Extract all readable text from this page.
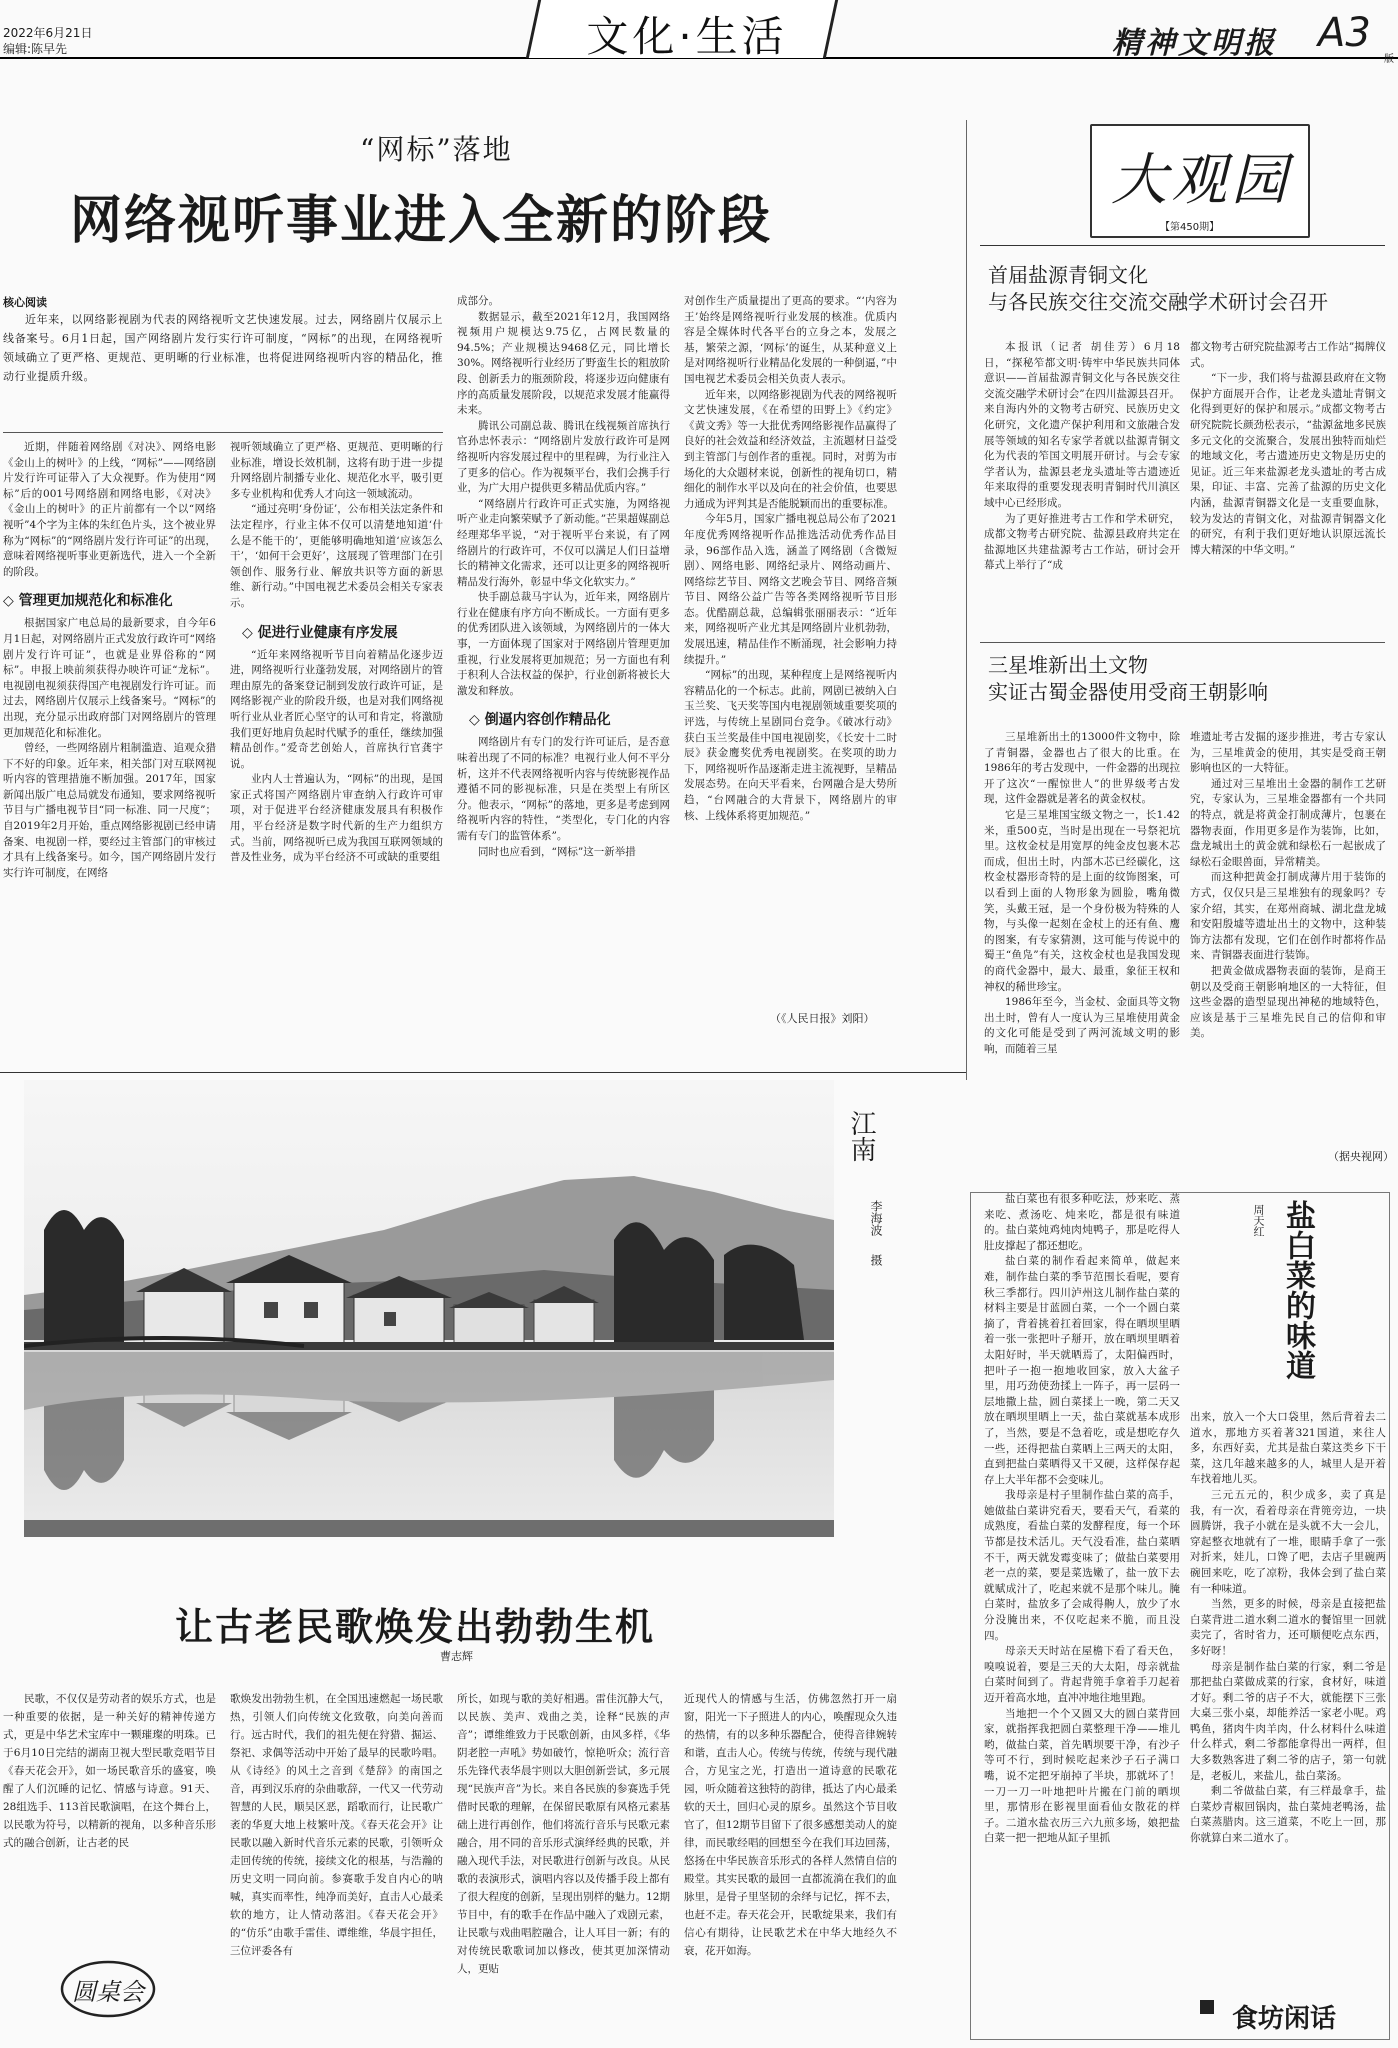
2022年6月21日
编辑:陈早先	文化·生活	精神文明报 A3
版
“网标”落地
网络视听事业进入全新的阶段
核心阅读
近年来，以网络影视剧为代表的网络视听文艺快速发展。过去，网络剧片仅展示上线备案号。6月1日起，国产网络剧片发行实行许可制度，“网标”的出现，在网络视听领域确立了更严格、更规范、更明晰的行业标准，也将促进网络视听内容的精品化，推动行业提质升级。
近期，伴随着网络剧《对决》、网络电影《金山上的树叶》的上线，“网标”——网络剧片发行许可证带入了大众视野。作为使用“网标”后的001号网络剧和网络电影，《对决》《金山上的树叶》的正片前都有一个以“网络视听”4个字为主体的朱红色片头，这个被业界称为“网标”的“网络剧片发行许可证”的出现，意味着网络视听事业更新选代，进入一个全新的阶段。
◇ 管理更加规范化和标准化
根据国家广电总局的最新要求，自今年6月1日起，对网络剧片正式发放行政许可“网络剧片发行许可证”，也就是业界俗称的“网标”。申报上映前须获得办映许可证“龙标”。电视剧电视须获得国产电视剧发行许可证。而过去，网络剧片仅展示上线备案号。“网标”的出现，充分显示出政府部门对网络剧片的管理更加规范化和标准化。
曾经，一些网络剧片粗制滥造、追观众猎下不好的印象。近年来，相关部门对互联网视听内容的管理措施不断加强。2017年，国家新闻出版广电总局就发布通知，要求网络视听节目与广播电视节目“同一标准、同一尺度”；自2019年2月开始，重点网络影视剧已经申请备案、电视剧一样，要经过主管部门的审核过才具有上线备案号。如今，国产网络剧片发行实行许可制度，在网络
视听领域确立了更严格、更规范、更明晰的行业标准，增设长效机制，这将有助于进一步提升网络剧片制播专业化、规范化水平，吸引更多专业机构和优秀人才向这一领域流动。
“通过亮明‘身份证’，公布相关法定条件和法定程序，行业主体不仅可以清楚地知道‘什么是不能干的’，更能够明确地知道‘应该怎么干’，‘如何干会更好’，这展现了管理部门在引领创作、服务行业、解放共识等方面的新思维、新行动。”中国电视艺术委员会相关专家表示。
◇ 促进行业健康有序发展
“近年来网络视听节目向着精品化逐步迈进，网络视听行业蓬勃发展，对网络剧片的管理由原先的备案登记制到发放行政许可证，是网络影视产业的阶段升级，也是对我们网络视听行业从业者匠心坚守的认可和肯定，将激励我们更好地肩负起时代赋予的重任，继续加强精品创作。”爱奇艺创始人，首席执行官龚宇说。
业内人士普遍认为，“网标”的出现，是国家正式将国产网络剧片审查纳入行政许可审项，对于促进平台经济健康发展具有积极作用，平台经济是数字时代新的生产力组织方式。当前，网络视听已成为我国互联网领域的普及性业务，成为平台经济不可或缺的重要组
成部分。
数据显示，截至2021年12月，我国网络视频用户规模达9.75亿，占网民数量的94.5%；产业规模达9468亿元，同比增长30%。网络视听行业经历了野蛮生长的粗放阶段、创新丢力的瓶颈阶段，将逐步迈向健康有序的高质量发展阶段，以规范求发展才能赢得未来。
腾讯公司副总裁、腾讯在线视频首席执行官孙忠怀表示：“网络剧片发放行政许可是网络视听内容发展过程中的里程碑，为行业注入了更多的信心。作为视频平台，我们会携手行业，为广大用户提供更多精品优质内容。”
“网络剧片行政许可正式实施，为网络视听产业走向繁荣赋予了新动能。”芒果超媒副总经理郑华平说，“对于视听平台来说，有了网络剧片的行政许可，不仅可以满足人们日益增长的精神文化需求，还可以让更多的网络视听精品发行海外，彰显中华文化软实力。”
快手副总裁马宇认为，近年来，网络剧片行业在健康有序方向不断成长。一方面有更多的优秀团队进入该领域，为网络剧片的一体大事，一方面体现了国家对于网络剧片管理更加重视，行业发展将更加规范；另一方面也有利于积利人合法权益的保护，行业创新将被长大激发和释放。
◇ 倒逼内容创作精品化
网络剧片有专门的发行许可证后，是否意味着出现了不同的标准？电视行业人何不平分析，这并不代表网络视听内容与传统影视作品遵循不同的影视标准，只是在类型上有所区分。他表示，“网标”的落地，更多是考虑到网络视听内容的特性，“类型化，专门化的内容需有专门的监管体系”。
同时也应看到，“网标”这一新举措
对创作生产质量提出了更高的要求。“‘内容为王’始终是网络视听行业发展的核准。优质内容是全媒体时代各平台的立身之本，发展之基，繁荣之源，‘网标’的诞生，从某种意义上是对网络视听行业精品化发展的一种倒逼，”中国电视艺术委员会相关负责人表示。
近年来，以网络影视剧为代表的网络视听文艺快速发展，《在希望的田野上》《约定》《黄文秀》等一大批优秀网络影视作品赢得了良好的社会效益和经济效益，主流题材日益受到主管部门与创作者的重视。同时，对剪为市场化的大众题材来说，创新性的视角切口，精细化的制作水平以及向在的社会价值，也要思力通成为评判其是否能脱颖而出的重要标准。
今年5月，国家广播电视总局公布了2021年度优秀网络视听作品推选活动优秀作品目录，96部作品入选，涵盖了网络剧（含微短剧）、网络电影、网络纪录片、网络动画片、网络综艺节目、网络文艺晚会节目、网络音频节目、网络公益广告等各类网络视听节目形态。优酷副总裁，总编辑张丽丽表示：“近年来，网络视听产业尤其是网络剧片业机勃勃，发展迅速，精品佳作不断涌现，社会影响力持续提升。”
“网标”的出现，某种程度上是网络视听内容精品化的一个标志。此前，网剧已被纳入白玉兰奖、飞天奖等国内电视剧领域重要奖项的评选，与传统上星剧同台竞争。《破冰行动》获白玉兰奖最佳中国电视剧奖，《长安十二时辰》获金鹰奖优秀电视剧奖。在奖项的助力下，网络视听作品逐渐走进主流视野，呈精品发展态势。在向天平看来，台网融合是大势所趋，“台网融合的大背景下，网络剧片的审核、上线体系将更加规范。”
（《人民日报》刘阳）
大观园
【第450期】
首届盐源青铜文化
与各民族交往交流交融学术研讨会召开
本报讯（记者 胡佳芳）6月18日，“探秘笮都文明·铸牢中华民族共同体意识——首届盐源青铜文化与各民族交往交流交融学术研讨会”在四川盐源县召开。来自海内外的文物考古研究、民族历史文化研究，文化遗产保护利用和文旅融合发展等领域的知名专家学者就以盐源青铜文化为代表的笮国文明展开研讨。与会专家学者认为，盐源县老龙头遗址等古遗迹近年来取得的重要发现表明青铜时代川滇区域中心已经形成。
为了更好推进考古工作和学术研究，成都文物考古研究院、盐源县政府共定在盐源地区共建盐源考古工作站，研讨会开幕式上举行了“成
都文物考古研究院盐源考古工作站”揭牌仪式。
“下一步，我们将与盐源县政府在文物保护方面展开合作，让老龙头遗址青铜文化得到更好的保护和展示。”成都文物考古研究院院长颜劲松表示，“盐源盆地多民族多元文化的交流聚合，发展出独特而灿烂的地域文化，考古遗迹历史文物是历史的见证。近三年来盐源老龙头遗址的考古成果，印证、丰富、完善了盐源的历史文化内涵，盐源青铜器文化是一支重要血脉，较为发达的青铜文化，对盐源青铜器文化的研究，有利于我们更好地认识原远流长博大精深的中华文明。”
三星堆新出土文物
实证古蜀金器使用受商王朝影响
三星堆新出土的13000件文物中，除了青铜器，金器也占了很大的比重。在1986年的考古发现中，一件金器的出现拉开了这次“一醒惊世人”的世界级考古发现，这件金器就是著名的黄金权杖。
它是三星堆国宝级文物之一，长1.42米，重500克，当时是出现在一号祭祀坑里。这枚金杖是用宽厚的纯金皮包裹木芯而成，但出土时，内部木芯已经碳化，这枚金杖器形奇特的是上面的纹饰图案，可以看到上面的人物形象为圆脸，嘴角微笑，头戴王冠，是一个身份极为特殊的人物，与头像一起刻在金杖上的还有鱼、鹰的图案，有专家猜测，这可能与传说中的蜀王“鱼凫”有关，这枚金杖也是我国发现的商代金器中，最大、最重，象征王权和神权的稀世珍宝。
1986年至今，当金杖、金面具等文物出土时，曾有人一度认为三星堆使用黄金的文化可能是受到了两河流域文明的影响，而随着三星
堆遗址考古发掘的逐步推进，考古专家认为，三星堆黄金的使用，其实是受商王朝影响也区的一大特征。
通过对三星堆出土金器的制作工艺研究，专家认为，三星堆金器都有一个共同的特点，就是将黄金打制成薄片，包裹在器物表面，作用更多是作为装饰，比如，盘龙城出土的黄金就和绿松石一起嵌成了绿松石金眼兽面，异常精美。
而这种把黄金打制成薄片用于装饰的方式，仅仅只是三星堆独有的现象吗？专家介绍，其实，在郑州商城、湖北盘龙城和安阳殷墟等遗址出土的文物中，这种装饰方法都有发现，它们在创作时都将作品来、青铜器表面进行装饰。
把黄金做成器物表面的装饰，是商王朝以及受商王朝影响地区的一大特征，但这些金器的造型显现出神秘的地域特色，应该是基于三星堆先民自己的信仰和审美。
（据央视网）
江南
李海波
摄
让古老民歌焕发出勃勃生机
曹志辉
民歌，不仅仅是劳动者的娱乐方式，也是一种重要的依据，是一种关好的精神传递方式，更是中华艺术宝库中一颗璀璨的明珠。已于6月10日完结的湖南卫视大型民歌竞唱节目《春天花会开》，如一场民歌音乐的盛宴，唤醒了人们沉睡的记忆、情感与诗意。91天、28组选手、113首民歌演唱，在这个舞台上，以民歌为符号，以精新的视角，以多种音乐形式的融合创新，让古老的民
歌焕发出勃勃生机，在全国迅速燃起一场民歌热，引领人们向传统文化致敬，向美向善而行。远古时代，我们的祖先便在狩猎、掘运、祭祀、求偶等活动中开始了最早的民歌吟唱。从《诗经》的风土之音到《楚辞》的南国之音，再到汉乐府的杂曲歌辞，一代又一代劳动智慧的人民，顺吴区恶，蹈歌而行，让民歌广袤的华夏大地上枝繁叶茂。《春天花会开》让民歌以融入新时代音乐元素的民歌，引领听众走回传统的传统，接续文化的根基，与浩瀚的历史文明一同向前。参赛歌手发自内心的呐喊，真实而率性，纯净而美好，直击人心最柔软的地方，让人情动落泪。《春天花会开》的“仿乐”由歌手雷佳、谭维维，华晨宇担任，三位评委各有
所长，如现与歌的美好相遇。雷佳沉静大气，以民族、美声、戏曲之美，诠释“民族的声音”；谭维维致力于民歌创新，由风多样，《华阴老腔一声吼》势如破竹，惊艳听众；流行音乐先锋代表华晨宇则以大胆创新尝试，多元展现“民族声音”为长。来自各民族的参赛选手凭借时民歌的理解，在保留民歌原有风格元素基础上进行再创作，他们将流行音乐与民歌元素融合，用不同的音乐形式演绎经典的民歌，并融入现代手法，对民歌进行创新与改良。从民歌的表演形式，演唱内容以及传播手段上都有了很大程度的创新，呈现出别样的魅力。12期节目中，有的歌手在作品中融入了戏剧元素，让民歌与戏曲唱腔融合，让人耳目一新；有的对传统民歌歌词加以修改，使其更加深情动人，更贴
近现代人的情感与生活，仿佛忽然打开一扇窗，阳光一下子照进人的内心，唤醒现众久违的热情，有的以多种乐器配合，使得音律婉转和谐，直击人心。传统与传统，传统与现代融合，方见宝之光，打造出一道诗意的民歌花园，听众随着这独特的韵律，抵达了内心最柔软的天土，回归心灵的原乡。虽然这个节目收官了，但12期节目留下了很多感想美动人的旋律，而民歌经唱的回想至今在我们耳边回荡，悠扬在中华民族音乐形式的各样人然情自信的殿堂。其实民歌的最回一直都流淌在我们的血脉里，是骨子里坚韧的余绎与记忆，挥不去，也赶不走。春天花会开，民歌绽果来，我们有信心有期待，让民歌艺术在中华大地经久不衰，花开如海。
圆桌会
盐白菜的味道
周天红
盐白菜也有很多种吃法，炒来吃、蒸来吃、煮汤吃、炖来吃，都是很有味道的。盐白菜炖鸡炖肉炖鸭子，那是吃得人肚皮撑起了都还想吃。
盐白菜的制作看起来简单，做起来难，制作盐白菜的季节范围长看呢，要育秋三季都行。四川泸州这儿制作盐白菜的材料主要是甘蓝圆白菜，一个一个圆白菜摘了，背着挑着扛着回家，得在晒坝里晒着一张一张把叶子掰开，放在晒坝里晒着太阳好时，半天就晒焉了，太阳偏西时，把叶子一抱一抱地收回家，放入大盆子里，用巧劲使劲揉上一阵子，再一层码一层地撒上盐，圆白菜揉上一晚，第二天又放在晒坝里晒上一天，盐白菜就基本成形了，当然，要是不急着吃，或是想吃存久一些，还得把盐白菜晒上三两天的太阳，直到把盐白菜晒得又干又硬，这样保存起存上大半年都不会变味儿。
我母亲是村子里制作盐白菜的高手，她做盐白菜讲究看天，要看天气，看菜的成熟度，看盐白菜的发酵程度，每一个环节都是技术活儿。天气没看准，盐白菜晒不干，两天就发霉变味了；做盐白菜要用老一点的菜，要是菜选嫩了，盐一放下去就赋成汁了，吃起来就不是那个味儿。腌白菜时，盐放多了会咸得齁人，放少了水分没腌出来，不仅吃起来不脆，而且没四。
母亲天天时站在屋檐下看了看天色，嗅嗅说着，要是三天的大太阳，母亲就盐白菜时间到了。背起背篼手拿着手刀起着迈开着高水地，直冲冲地往地里跑。
当地把一个个又圆又大的圆白菜背回家，就指挥我把圆白菜整理干净——堆儿哟，做盐白菜，首先晒坝要干净，有沙子等可不行，到时候吃起来沙子石子满口嘴，说不定把牙崩掉了半块，那就坏了！一刀一刀一叶地把叶片搬在门前的晒坝里，那情形在影视里面看仙女散花的样子。二道水盐衣历三六九煎多场，娘把盐白菜一把一把地从缸子里抓
出来，放入一个大口袋里，然后背着去二道水，那地方买着著321国道，来往人多，东西好卖，尤其是盐白菜这类乡下干菜，这几年越来越多的人，城里人是开着车找着地儿买。
三元五元的，积少成多，卖了真是我，有一次，看着母亲在背篼旁边，一块圆腾饼，我子小就在是头就不大一会儿，穿起整衣地就有了一堆，眼睛手拿了一张对折来，娃儿，口馋了吧，去店子里碗两碗回来吃，吃了凉粉，我体会到了盐白菜有一种味道。
当然，更多的时候，母亲是直接把盐白菜背进二道水剩二道水的餐馆里一回就卖完了，省时省力，还可顺便吃点东西，多好呀！
母亲是制作盐白菜的行家，剩二爷是那把盐白菜做成菜的行家，食材好，味道才好。剩二爷的店子不大，就能摆下三张大桌三张小桌，却能养活一家老小呢。鸡鸭鱼，猪肉牛肉羊肉，什么材料什么味道什么样式，剩二爷都能拿得出一两样，但大多数熟客进了剩二爷的店子，第一句就是，老板儿，来盐儿，盐白菜汤。
剩二爷做盐白菜，有三样最拿手，盐白菜炒青椒回锅肉，盐白菜炖老鸭汤，盐白菜蒸腊肉。这三道菜，不吃上一回，那你就算白来二道水了。
食坊闲话
